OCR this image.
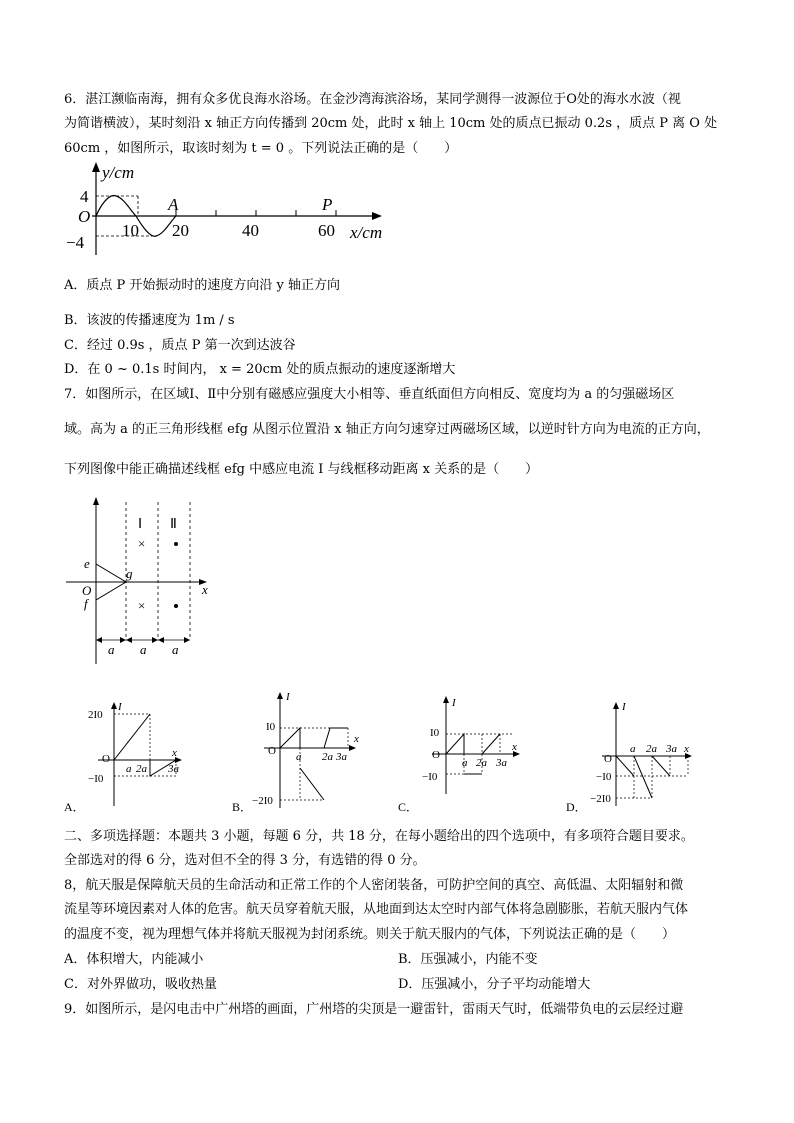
6．湛江濒临南海，拥有众多优良海水浴场。在金沙湾海滨浴场，某同学测得一波源位于O处的海水水波（视
为简谐横波），某时刻沿 x 轴正方向传播到 20cm 处，此时 x 轴上 10cm 处的质点已振动 0.2s ，质点 P 离 O 处
60cm ，如图所示，取该时刻为 t = 0 。下列说法正确的是（　　）
y/cm
4
O
−4
10 20	40	60
A	P
x/cm
A．质点 P 开始振动时的速度方向沿 y 轴正方向
B．该波的传播速度为 1m / s
C．经过 0.9s ，质点 P 第一次到达波谷
D．在 0 ~ 0.1s 时间内， x = 20cm 处的质点振动的速度逐渐增大
7．如图所示，在区域Ⅰ、Ⅱ中分别有磁感应强度大小相等、垂直纸面但方向相反、宽度均为 a 的匀强磁场区
域。高为 a 的正三角形线框 efg 从图示位置沿 x 轴正方向匀速穿过两磁场区域，以逆时针方向为电流的正方向，
下列图像中能正确描述线框 efg 中感应电流 I 与线框移动距离 x 关系的是（　　）
Ⅰ Ⅱ
×
×
e
f
g
O	x
a a a
2I0
I
O
−I0
a 2a 3a
x
A．
I0
I
O
−2I0
a 2a 3a
x
B．
I0
I
O
−I0
a 2a 3a
x
C．
I
O
−I0
−2I0
a 2a 3a x
D．
二、多项选择题：本题共 3 小题，每题 6 分，共 18 分，在每小题给出的四个选项中，有多项符合题目要求。
全部选对的得 6 分，选对但不全的得 3 分，有选错的得 0 分。
8，航天服是保障航天员的生命活动和正常工作的个人密闭装备，可防护空间的真空、高低温、太阳辐射和微
流星等环境因素对人体的危害。航天员穿着航天服，从地面到达太空时内部气体将急剧膨胀，若航天服内气体
的温度不变，视为理想气体并将航天服视为封闭系统。则关于航天服内的气体，下列说法正确的是（　　）
A．体积增大，内能减小	B．压强减小，内能不变
C．对外界做功，吸收热量	D．压强减小，分子平均动能增大
9．如图所示，是闪电击中广州塔的画面，广州塔的尖顶是一避雷针，雷雨天气时，低端带负电的云层经过避
